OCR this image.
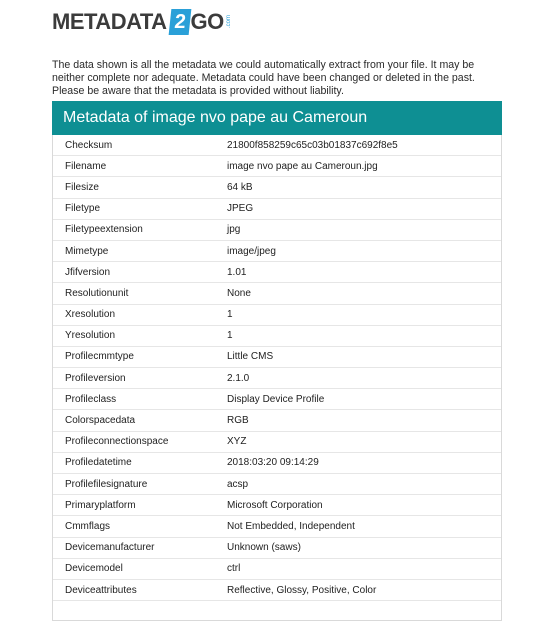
METADATA 2 GO .com

The data shown is all the metadata we could automatically extract from your file. It may be neither complete nor adequate. Metadata could have been changed or deleted in the past. Please be aware that the metadata is provided without liability.

Metadata of image nvo pape au Cameroun
Checksum	21800f858259c65c03b01837c692f8e5
Filename	image nvo pape au Cameroun.jpg
Filesize	64 kB
Filetype	JPEG
Filetypeextension	jpg
Mimetype	image/jpeg
Jfifversion	1.01
Resolutionunit	None
Xresolution	1
Yresolution	1
Profilecmmtype	Little CMS
Profileversion	2.1.0
Profileclass	Display Device Profile
Colorspacedata	RGB
Profileconnectionspace	XYZ
Profiledatetime	2018:03:20 09:14:29
Profilefilesignature	acsp
Primaryplatform	Microsoft Corporation
Cmmflags	Not Embedded, Independent
Devicemanufacturer	Unknown (saws)
Devicemodel	ctrl
Deviceattributes	Reflective, Glossy, Positive, Color
